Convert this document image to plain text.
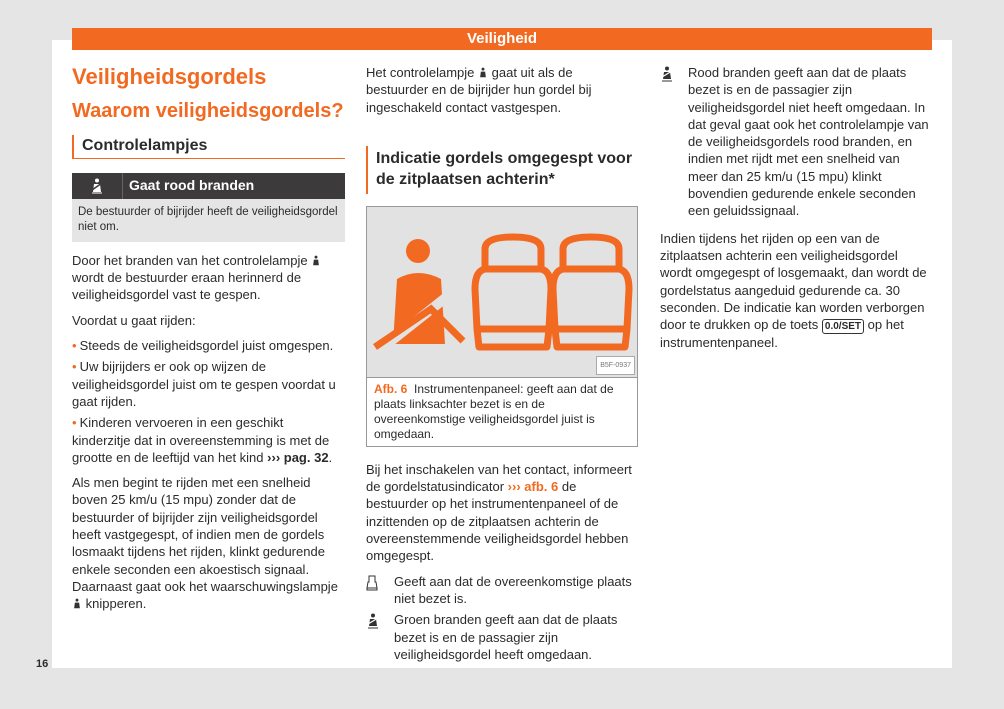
Veiligheid
Veiligheidsgordels
Waarom veiligheidsgordels?
Controlelampjes
Gaat rood branden
De bestuurder of bijrijder heeft de veiligheidsgordel niet om.

Door het branden van het controlelampje  wordt de bestuurder eraan herinnerd de veiligheidsgordel vast te gespen.

Voordat u gaat rijden:

• Steeds de veiligheidsgordel juist omgespen.
• Uw bijrijders er ook op wijzen de veiligheidsgordel juist om te gespen voordat u gaat rijden.
• Kinderen vervoeren in een geschikt kinderzitje dat in overeenstemming is met de grootte en de leeftijd van het kind ››› pag. 32.

Als men begint te rijden met een snelheid boven 25 km/u (15 mpu) zonder dat de bestuurder of bijrijder zijn veiligheidsgordel heeft vastgegespt, of indien men de gordels losmaakt tijdens het rijden, klinkt gedurende enkele seconden een akoestisch signaal. Daarnaast gaat ook het waarschuwingslampje  knipperen.

Het controlelampje gaat uit als de bestuurder en de bijrijder hun gordel bij ingeschakeld contact vastgespen.

Indicatie gordels omgegespt voor de zitplaatsen achterin*
B5F-0937
Afb. 6 Instrumentenpaneel: geeft aan dat de plaats linksachter bezet is en de overeenkomstige veiligheidsgordel juist is omgedaan.

Bij het inschakelen van het contact, informeert de gordelstatusindicator ››› afb. 6 de bestuurder op het instrumentenpaneel of de inzittenden op de zitplaatsen achterin de overeenstemmende veiligheidsgordel hebben omgegespt.

Geeft aan dat de overeenkomstige plaats niet bezet is.
Groen branden geeft aan dat de plaats bezet is en de passagier zijn veiligheidsgordel heeft omgedaan.
Rood branden geeft aan dat de plaats bezet is en de passagier zijn veiligheidsgordel niet heeft omgedaan. In dat geval gaat ook het controlelampje van de veiligheidsgordels rood branden, en indien met rijdt met een snelheid van meer dan 25 km/u (15 mpu) klinkt bovendien gedurende enkele seconden een geluidssignaal.

Indien tijdens het rijden op een van de zitplaatsen achterin een veiligheidsgordel wordt omgegespt of losgemaakt, dan wordt de gordelstatus aangeduid gedurende ca. 30 seconden. De indicatie kan worden verborgen door te drukken op de toets 0.0/SET op het instrumentenpaneel.

16
